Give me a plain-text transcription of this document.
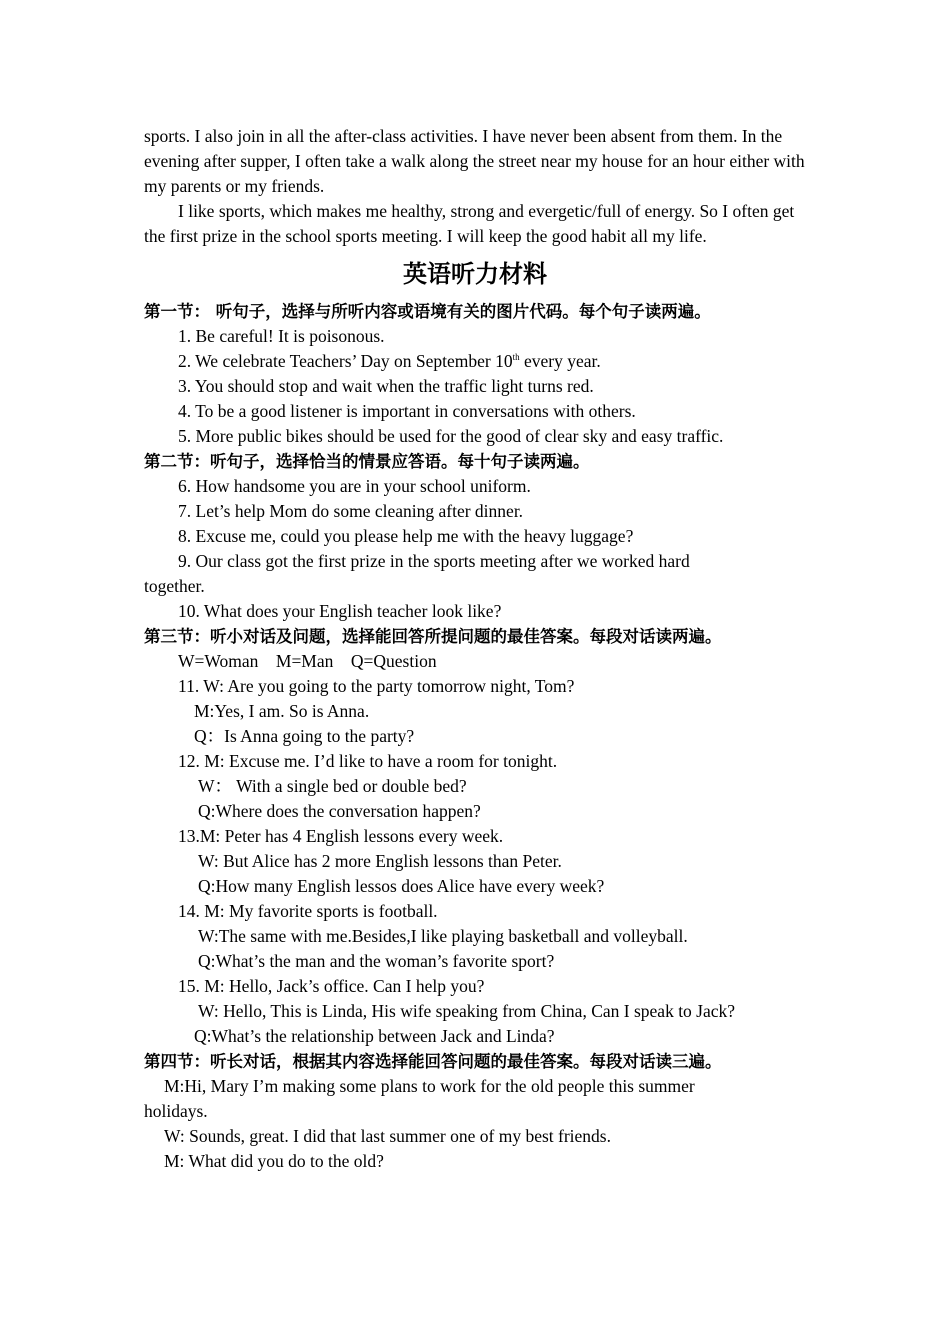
sports. I also join in all the after-class activities. I have never been absent from them. In the evening after supper, I often take a walk along the street near my house for an hour either with my parents or my friends.

I like sports, which makes me healthy, strong and evergetic/full of energy. So I often get the first prize in the school sports meeting. I will keep the good habit all my life.

英语听力材料
第一节： 听句子，选择与所听内容或语境有关的图片代码。每个句子读两遍。
1. Be careful! It is poisonous.
2. We celebrate Teachers’ Day on September 10th every year.
3. You should stop and wait when the traffic light turns red.
4. To be a good listener is important in conversations with others.
5. More public bikes should be used for the good of clear sky and easy traffic.
第二节：听句子，选择恰当的情景应答语。每十句子读两遍。
6. How handsome you are in your school uniform.
7. Let’s help Mom do some cleaning after dinner.
8. Excuse me, could you please help me with the heavy luggage?
9. Our class got the first prize in the sports meeting after we worked hard
together.
10. What does your English teacher look like?
第三节：听小对话及问题，选择能回答所提问题的最佳答案。每段对话读两遍。
W=Woman    M=Man    Q=Question
11. W: Are you going to the party tomorrow night, Tom?
M:Yes, I am. So is Anna.
Q：Is Anna going to the party?
12. M: Excuse me. I’d like to have a room for tonight.
W： With a single bed or double bed?
Q:Where does the conversation happen?
13.M: Peter has 4 English lessons every week.
W: But Alice has 2 more English lessons than Peter.
Q:How many English lessos does Alice have every week?
14. M: My favorite sports is football.
W:The same with me.Besides,I like playing basketball and volleyball.
Q:What’s the man and the woman’s favorite sport?
15. M: Hello, Jack’s office. Can I help you?
W: Hello, This is Linda, His wife speaking from China, Can I speak to Jack?
Q:What’s the relationship between Jack and Linda?
第四节：听长对话，根据其内容选择能回答问题的最佳答案。每段对话读三遍。
M:Hi, Mary I’m making some plans to work for the old people this summer
holidays.
W: Sounds, great. I did that last summer one of my best friends.
M: What did you do to the old?
